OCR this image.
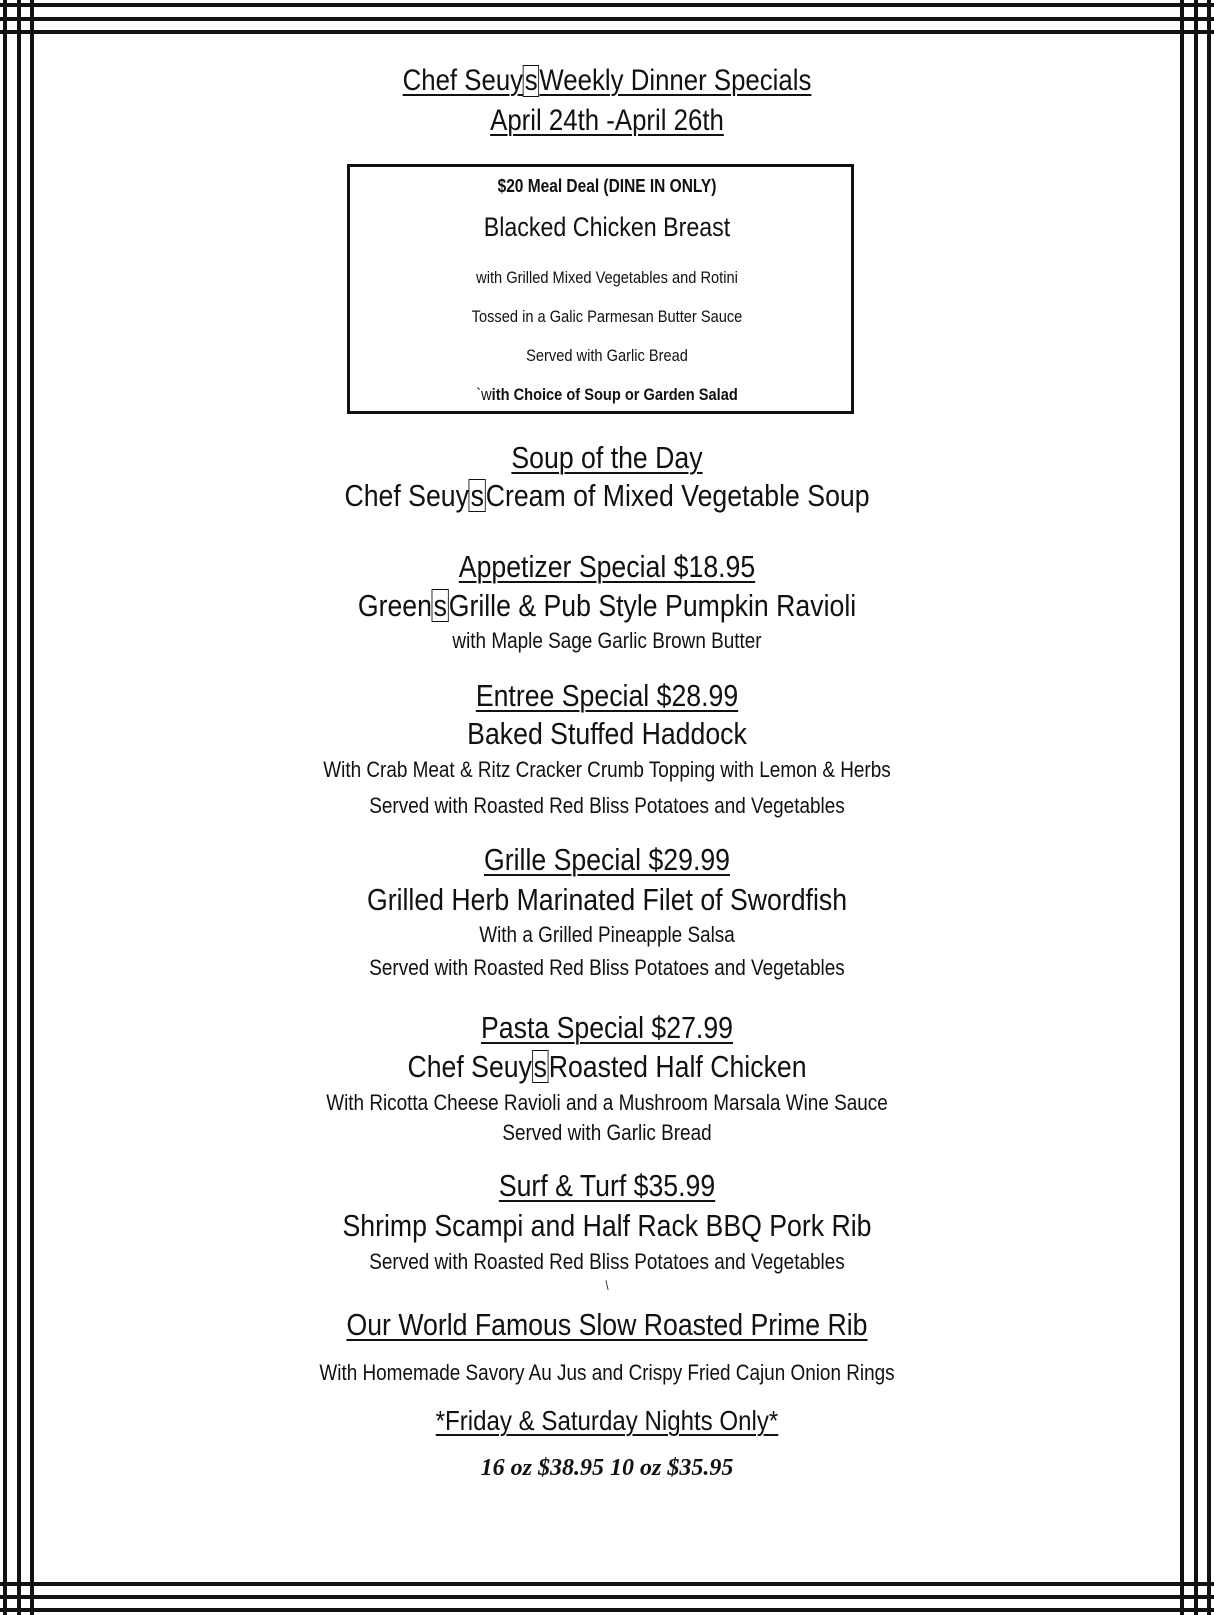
Chef SeuysWeekly Dinner Specials
April 24th -April 26th
$20 Meal Deal (DINE IN ONLY)
Blacked Chicken Breast
with Grilled Mixed Vegetables and Rotini
Tossed in a Galic Parmesan Butter Sauce
Served with Garlic Bread
`with Choice of Soup or Garden Salad
Soup of the Day
Chef SeuysCream of Mixed Vegetable Soup
Appetizer Special $18.95
GreensGrille & Pub Style Pumpkin Ravioli
with Maple Sage Garlic Brown Butter
Entree Special $28.99
Baked Stuffed Haddock
With Crab Meat & Ritz Cracker Crumb Topping with Lemon & Herbs
Served with Roasted Red Bliss Potatoes and Vegetables
Grille Special $29.99
Grilled Herb Marinated Filet of Swordfish
With a Grilled Pineapple Salsa
Served with Roasted Red Bliss Potatoes and Vegetables
Pasta Special $27.99
Chef SeuysRoasted Half Chicken
With Ricotta Cheese Ravioli and a Mushroom Marsala Wine Sauce
Served with Garlic Bread
Surf & Turf $35.99
Shrimp Scampi and Half Rack BBQ Pork Rib
Served with Roasted Red Bliss Potatoes and Vegetables
\
Our World Famous Slow Roasted Prime Rib
With Homemade Savory Au Jus and Crispy Fried Cajun Onion Rings
*Friday & Saturday Nights Only*
16 oz $38.95 10 oz $35.95
